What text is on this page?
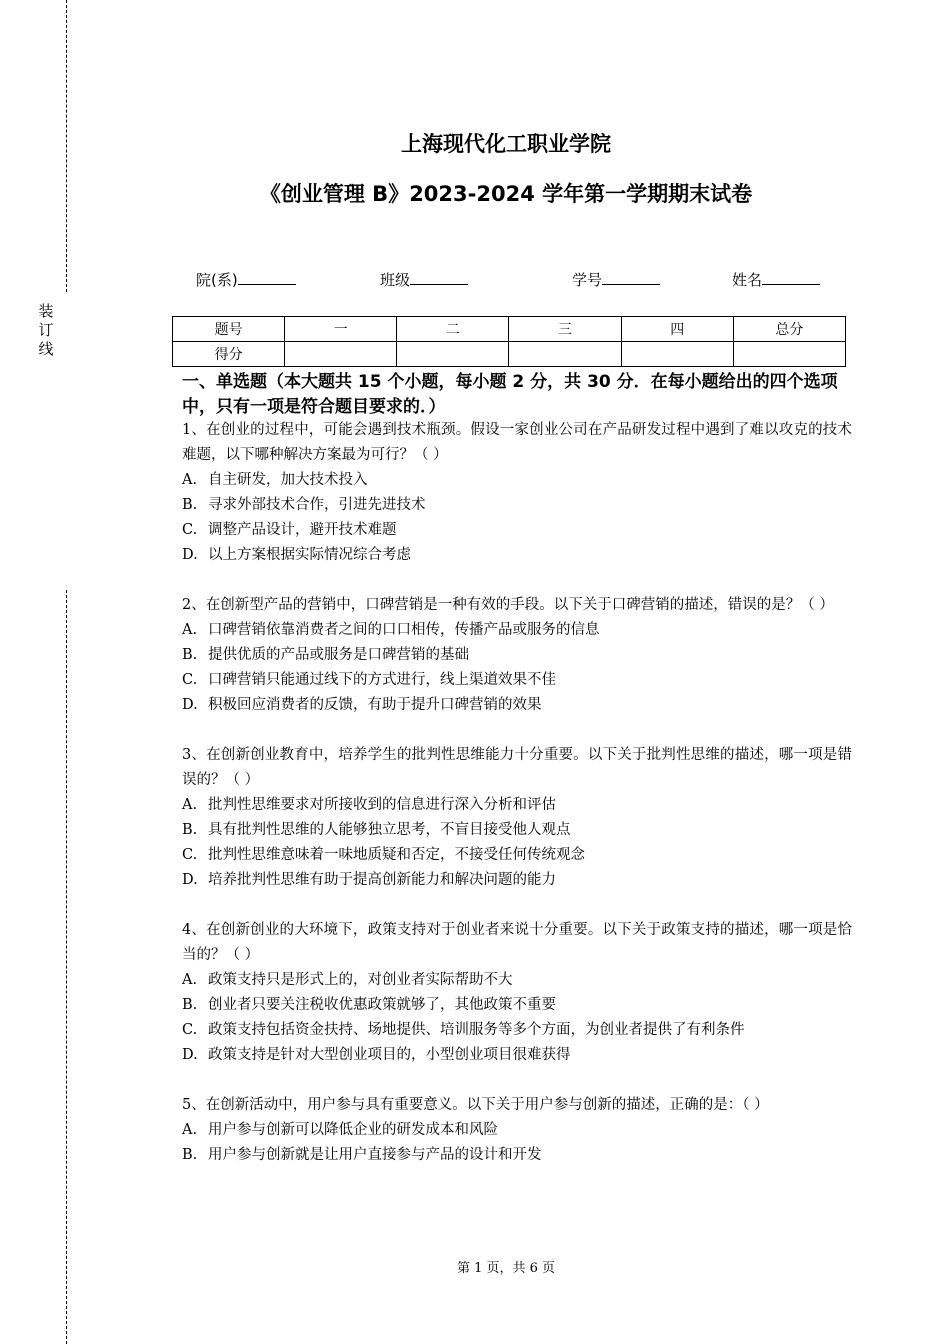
装
订
线
上海现代化工职业学院
《创业管理 B》2023-2024 学年第一学期期末试卷
院(系)	班级	学号	姓名
题号	一	二	三	四	总分
得分					
一、单选题（本大题共 15 个小题，每小题 2 分，共 30 分．在每小题给出的四个选项中，只有一项是符合题目要求的．）

1、在创业的过程中，可能会遇到技术瓶颈。假设一家创业公司在产品研发过程中遇到了难以攻克的技术难题，以下哪种解决方案最为可行？（ ）

A. 自主研发，加大技术投入

B. 寻求外部技术合作，引进先进技术

C. 调整产品设计，避开技术难题

D. 以上方案根据实际情况综合考虑

2、在创新型产品的营销中，口碑营销是一种有效的手段。以下关于口碑营销的描述，错误的是？（ ）

A. 口碑营销依靠消费者之间的口口相传，传播产品或服务的信息

B. 提供优质的产品或服务是口碑营销的基础

C. 口碑营销只能通过线下的方式进行，线上渠道效果不佳

D. 积极回应消费者的反馈，有助于提升口碑营销的效果

3、在创新创业教育中，培养学生的批判性思维能力十分重要。以下关于批判性思维的描述，哪一项是错误的？（ ）

A. 批判性思维要求对所接收到的信息进行深入分析和评估

B. 具有批判性思维的人能够独立思考，不盲目接受他人观点

C. 批判性思维意味着一味地质疑和否定，不接受任何传统观念

D. 培养批判性思维有助于提高创新能力和解决问题的能力

4、在创新创业的大环境下，政策支持对于创业者来说十分重要。以下关于政策支持的描述，哪一项是恰当的？（ ）

A. 政策支持只是形式上的，对创业者实际帮助不大

B. 创业者只要关注税收优惠政策就够了，其他政策不重要

C. 政策支持包括资金扶持、场地提供、培训服务等多个方面，为创业者提供了有利条件

D. 政策支持是针对大型创业项目的，小型创业项目很难获得

5、在创新活动中，用户参与具有重要意义。以下关于用户参与创新的描述，正确的是：（ ）

A. 用户参与创新可以降低企业的研发成本和风险

B. 用户参与创新就是让用户直接参与产品的设计和开发

第 1 页，共 6 页
